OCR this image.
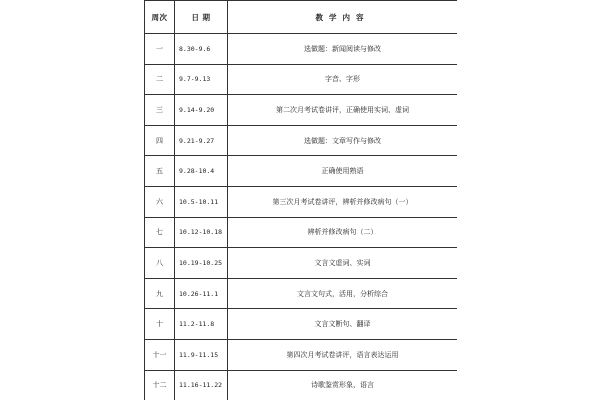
周次	日 期	教学内容
一	8.30-9.6	选做题：新闻阅读与修改
二	9.7-9.13	字音、字形
三	9.14-9.20	第二次月考试卷讲评，正确使用实词、虚词
四	9.21-9.27	选做题：文章写作与修改
五	9.28-10.4	正确使用熟语
六	10.5-10.11	第三次月考试卷讲评，辨析并修改病句（一）
七	10.12-10.18	辨析并修改病句（二）
八	10.19-10.25	文言文虚词、实词
九	10.26-11.1	文言文句式，活用，分析综合
十	11.2-11.8	文言文断句、翻译
十一	11.9-11.15	第四次月考试卷讲评，语言表达运用
十二	11.16-11.22	诗歌鉴赏形象、语言
